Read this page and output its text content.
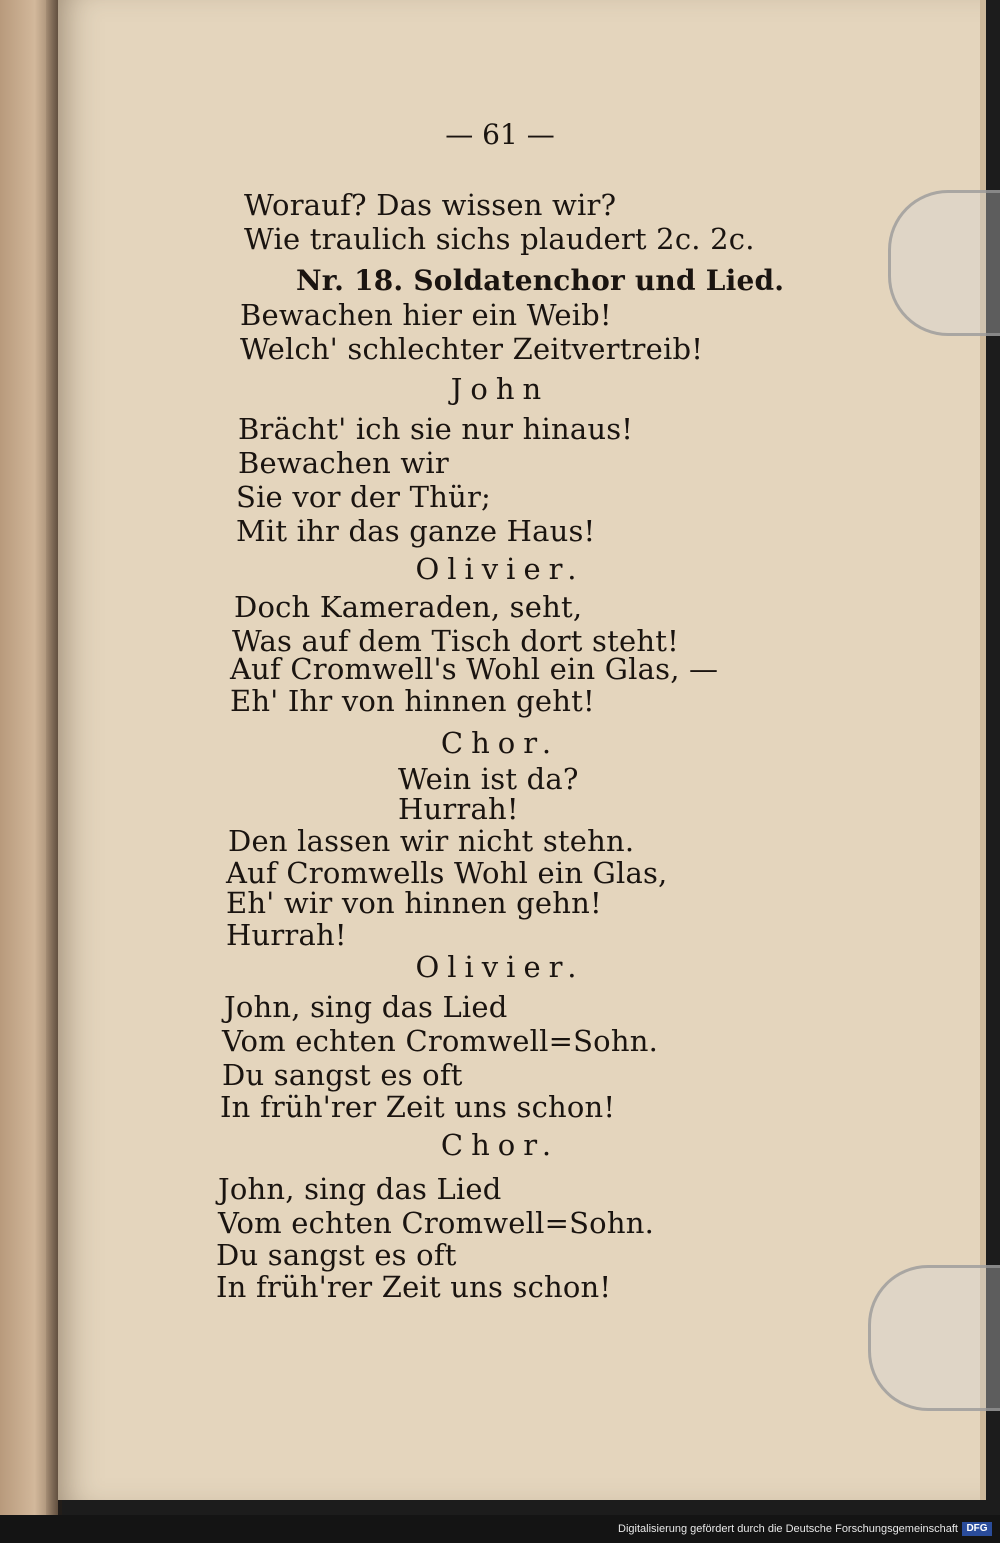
— 61 —
Worauf? Das wissen wir?
Wie traulich sichs plaudert 2c. 2c.
Nr. 18. Soldatenchor und Lied.
Bewachen hier ein Weib!
Welch' schlechter Zeitvertreib!
John
Brächt' ich sie nur hinaus!
Bewachen wir
Sie vor der Thür;
Mit ihr das ganze Haus!
Olivier.
Doch Kameraden, seht,
Was auf dem Tisch dort steht!
Auf Cromwell's Wohl ein Glas, —
Eh' Ihr von hinnen geht!
Chor.
Wein ist da?
Hurrah!
Den lassen wir nicht stehn.
Auf Cromwells Wohl ein Glas,
Eh' wir von hinnen gehn!
Hurrah!
Olivier.
John, sing das Lied
Vom echten Cromwell=Sohn.
Du sangst es oft
In früh'rer Zeit uns schon!
Chor.
John, sing das Lied
Vom echten Cromwell=Sohn.
Du sangst es oft
In früh'rer Zeit uns schon!
Digitalisierung gefördert durch die Deutsche Forschungsgemeinschaft DFG
